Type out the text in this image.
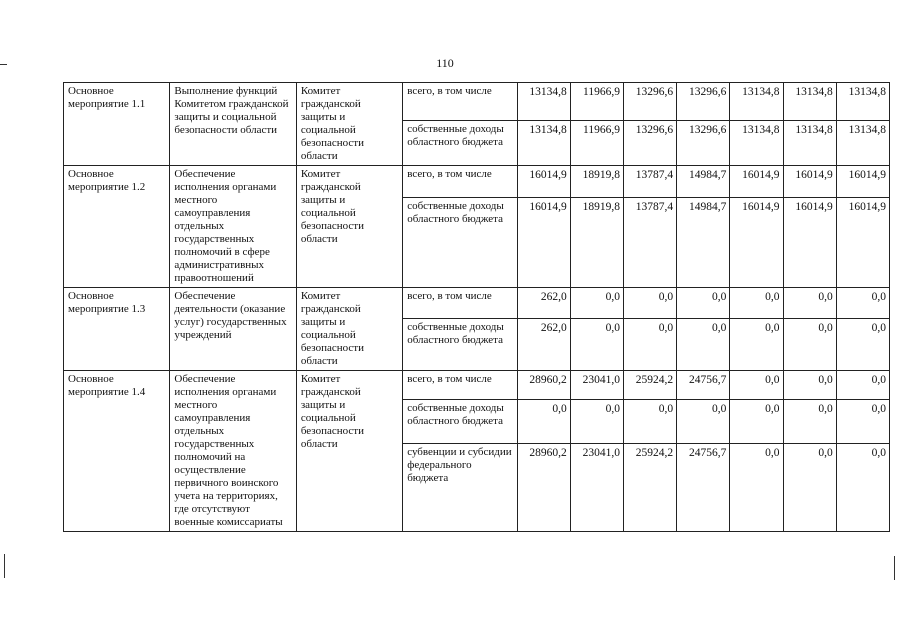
110
Основное мероприятие 1.1	Выполнение функций Комитетом гражданской защиты и социальной безопасности области	Комитет гражданской защиты и социальной безопасности области	всего, в том числе	13134,8	11966,9	13296,6	13296,6	13134,8	13134,8	13134,8
			собственные доходы областного бюджета	13134,8	11966,9	13296,6	13296,6	13134,8	13134,8	13134,8
Основное мероприятие 1.2	Обеспечение исполнения органами местного самоуправления отдельных государственных полномочий в сфере административных правоотношений	Комитет гражданской защиты и социальной безопасности области	всего, в том числе	16014,9	18919,8	13787,4	14984,7	16014,9	16014,9	16014,9
			собственные доходы областного бюджета	16014,9	18919,8	13787,4	14984,7	16014,9	16014,9	16014,9
Основное мероприятие 1.3	Обеспечение деятельности (оказание услуг) государственных учреждений	Комитет гражданской защиты и социальной безопасности области	всего, в том числе	262,0	0,0	0,0	0,0	0,0	0,0	0,0
			собственные доходы областного бюджета	262,0	0,0	0,0	0,0	0,0	0,0	0,0
Основное мероприятие 1.4	Обеспечение исполнения органами местного самоуправления отдельных государственных полномочий на осуществление первичного воинского учета на территориях, где отсутствуют военные комиссариаты	Комитет гражданской защиты и социальной безопасности области	всего, в том числе	28960,2	23041,0	25924,2	24756,7	0,0	0,0	0,0
			собственные доходы областного бюджета	0,0	0,0	0,0	0,0	0,0	0,0	0,0
			субвенции и субсидии федерального бюджета	28960,2	23041,0	25924,2	24756,7	0,0	0,0	0,0
